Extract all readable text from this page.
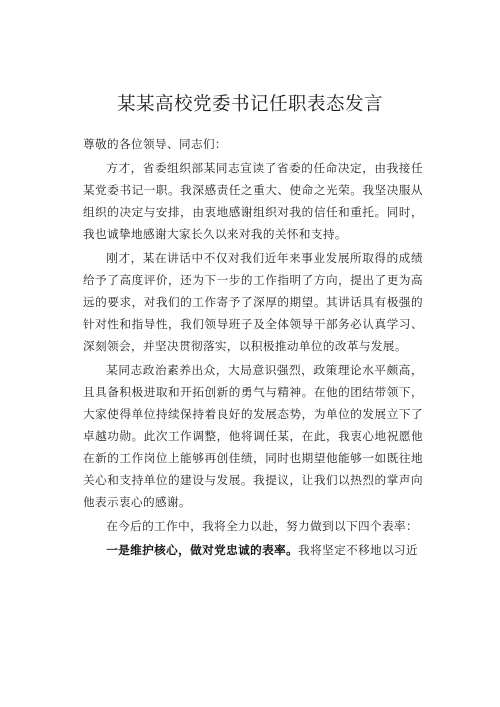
某某高校党委书记任职表态发言
尊敬的各位领导、同志们：

方才，省委组织部某同志宣读了省委的任命决定，由我接任某党委书记一职。我深感责任之重大、使命之光荣。我坚决服从组织的决定与安排，由衷地感谢组织对我的信任和重托。同时，我也诚挚地感谢大家长久以来对我的关怀和支持。

刚才，某在讲话中不仅对我们近年来事业发展所取得的成绩给予了高度评价，还为下一步的工作指明了方向，提出了更为高远的要求，对我们的工作寄予了深厚的期望。其讲话具有极强的针对性和指导性，我们领导班子及全体领导干部务必认真学习、深刻领会，并坚决贯彻落实，以积极推动单位的改革与发展。

某同志政治素养出众，大局意识强烈，政策理论水平颇高，且具备积极进取和开拓创新的勇气与精神。在他的团结带领下，大家使得单位持续保持着良好的发展态势，为单位的发展立下了卓越功勋。此次工作调整，他将调任某，在此，我衷心地祝愿他在新的工作岗位上能够再创佳绩，同时也期望他能够一如既往地关心和支持单位的建设与发展。我提议，让我们以热烈的掌声向他表示衷心的感谢。

在今后的工作中，我将全力以赴，努力做到以下四个表率：

一是维护核心，做对党忠诚的表率。我将坚定不移地以习近
